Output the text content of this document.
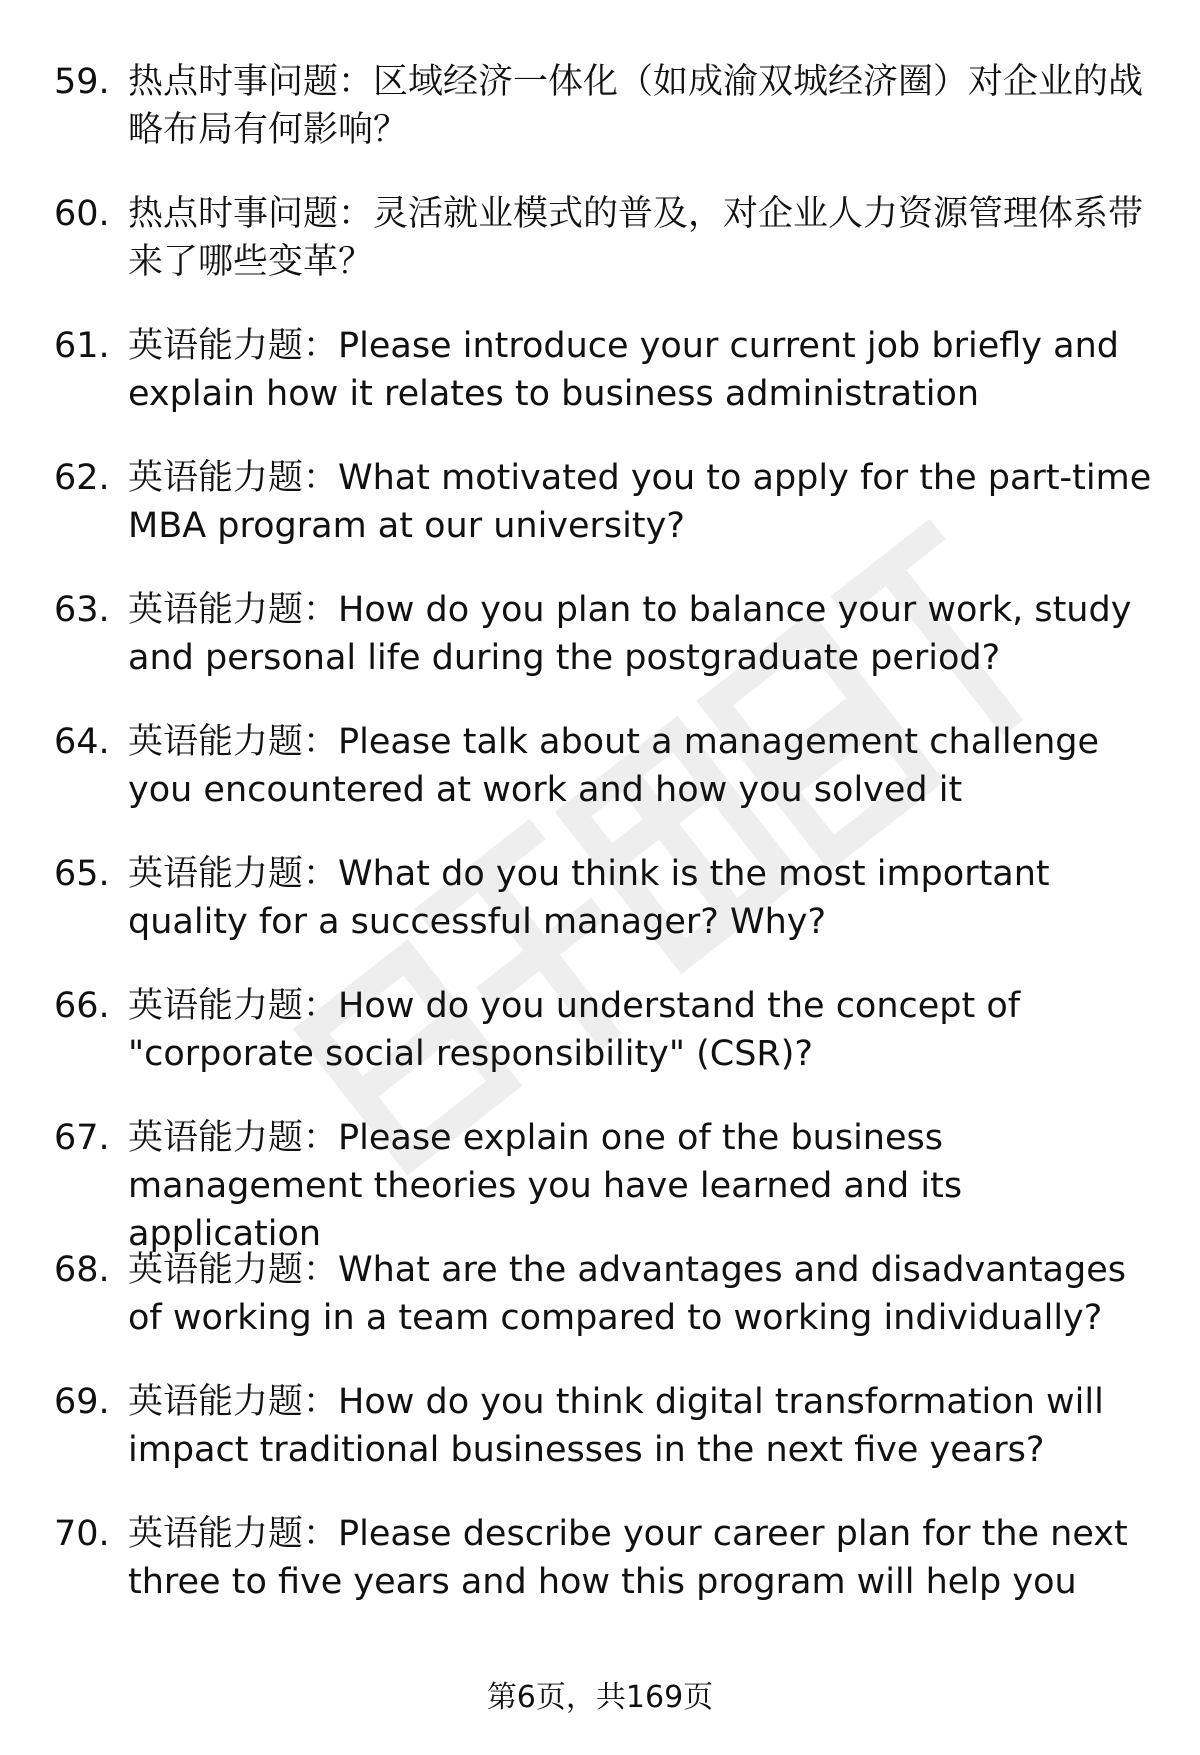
59. 热点时事问题：区域经济一体化（如成渝双城经济圈）对企业的战略布局有何影响？
60. 热点时事问题：灵活就业模式的普及，对企业人力资源管理体系带来了哪些变革？
61. 英语能力题：Please introduce your current job briefly and explain how it relates to business administration
62. 英语能力题：What motivated you to apply for the part-time MBA program at our university?
63. 英语能力题：How do you plan to balance your work, study and personal life during the postgraduate period?
64. 英语能力题：Please talk about a management challenge you encountered at work and how you solved it
65. 英语能力题：What do you think is the most important quality for a successful manager? Why?
66. 英语能力题：How do you understand the concept of "corporate social responsibility" (CSR)?
67. 英语能力题：Please explain one of the business management theories you have learned and its application
68. 英语能力题：What are the advantages and disadvantages of working in a team compared to working individually?
69. 英语能力题：How do you think digital transformation will impact traditional businesses in the next five years?
70. 英语能力题：Please describe your career plan for the next three to five years and how this program will help you
第6页，共169页
